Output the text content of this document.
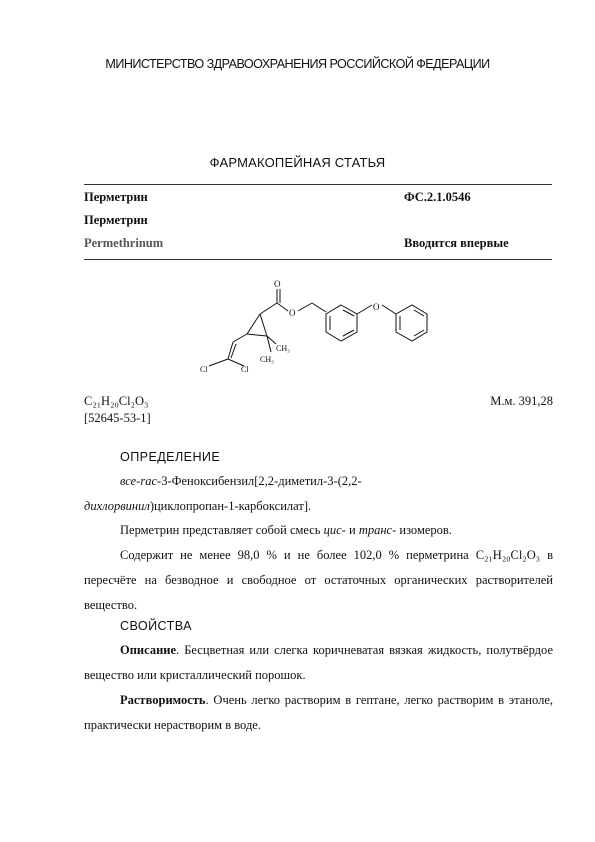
МИНИСТЕРСТВО ЗДРАВООХРАНЕНИЯ РОССИЙСКОЙ ФЕДЕРАЦИИ
ФАРМАКОПЕЙНАЯ СТАТЬЯ
Перметрин	ФС.2.1.0546
Перметрин
Permethrinum	Вводится впервые
O
O
O
CH₃
CH₃
Cl	Cl
C₂₁H₂₀Cl₂O₃
[52645-53-1]
М.м. 391,28
ОПРЕДЕЛЕНИЕ
все-rac-3-Феноксибензил[2,2-диметил-3-(2,2-
дихлорвинил)циклопропан-1-карбоксилат].
Перметрин представляет собой смесь цис- и транс- изомеров.
Содержит не менее 98,0 % и не более 102,0 % перметрина C₂₁H₂₀Cl₂O₃ в пересчёте на безводное и свободное от остаточных органических растворителей вещество.
СВОЙСТВА
Описание. Бесцветная или слегка коричневатая вязкая жидкость, полутвёрдое вещество или кристаллический порошок.
Растворимость. Очень легко растворим в гептане, легко растворим в этаноле, практически нерастворим в воде.
